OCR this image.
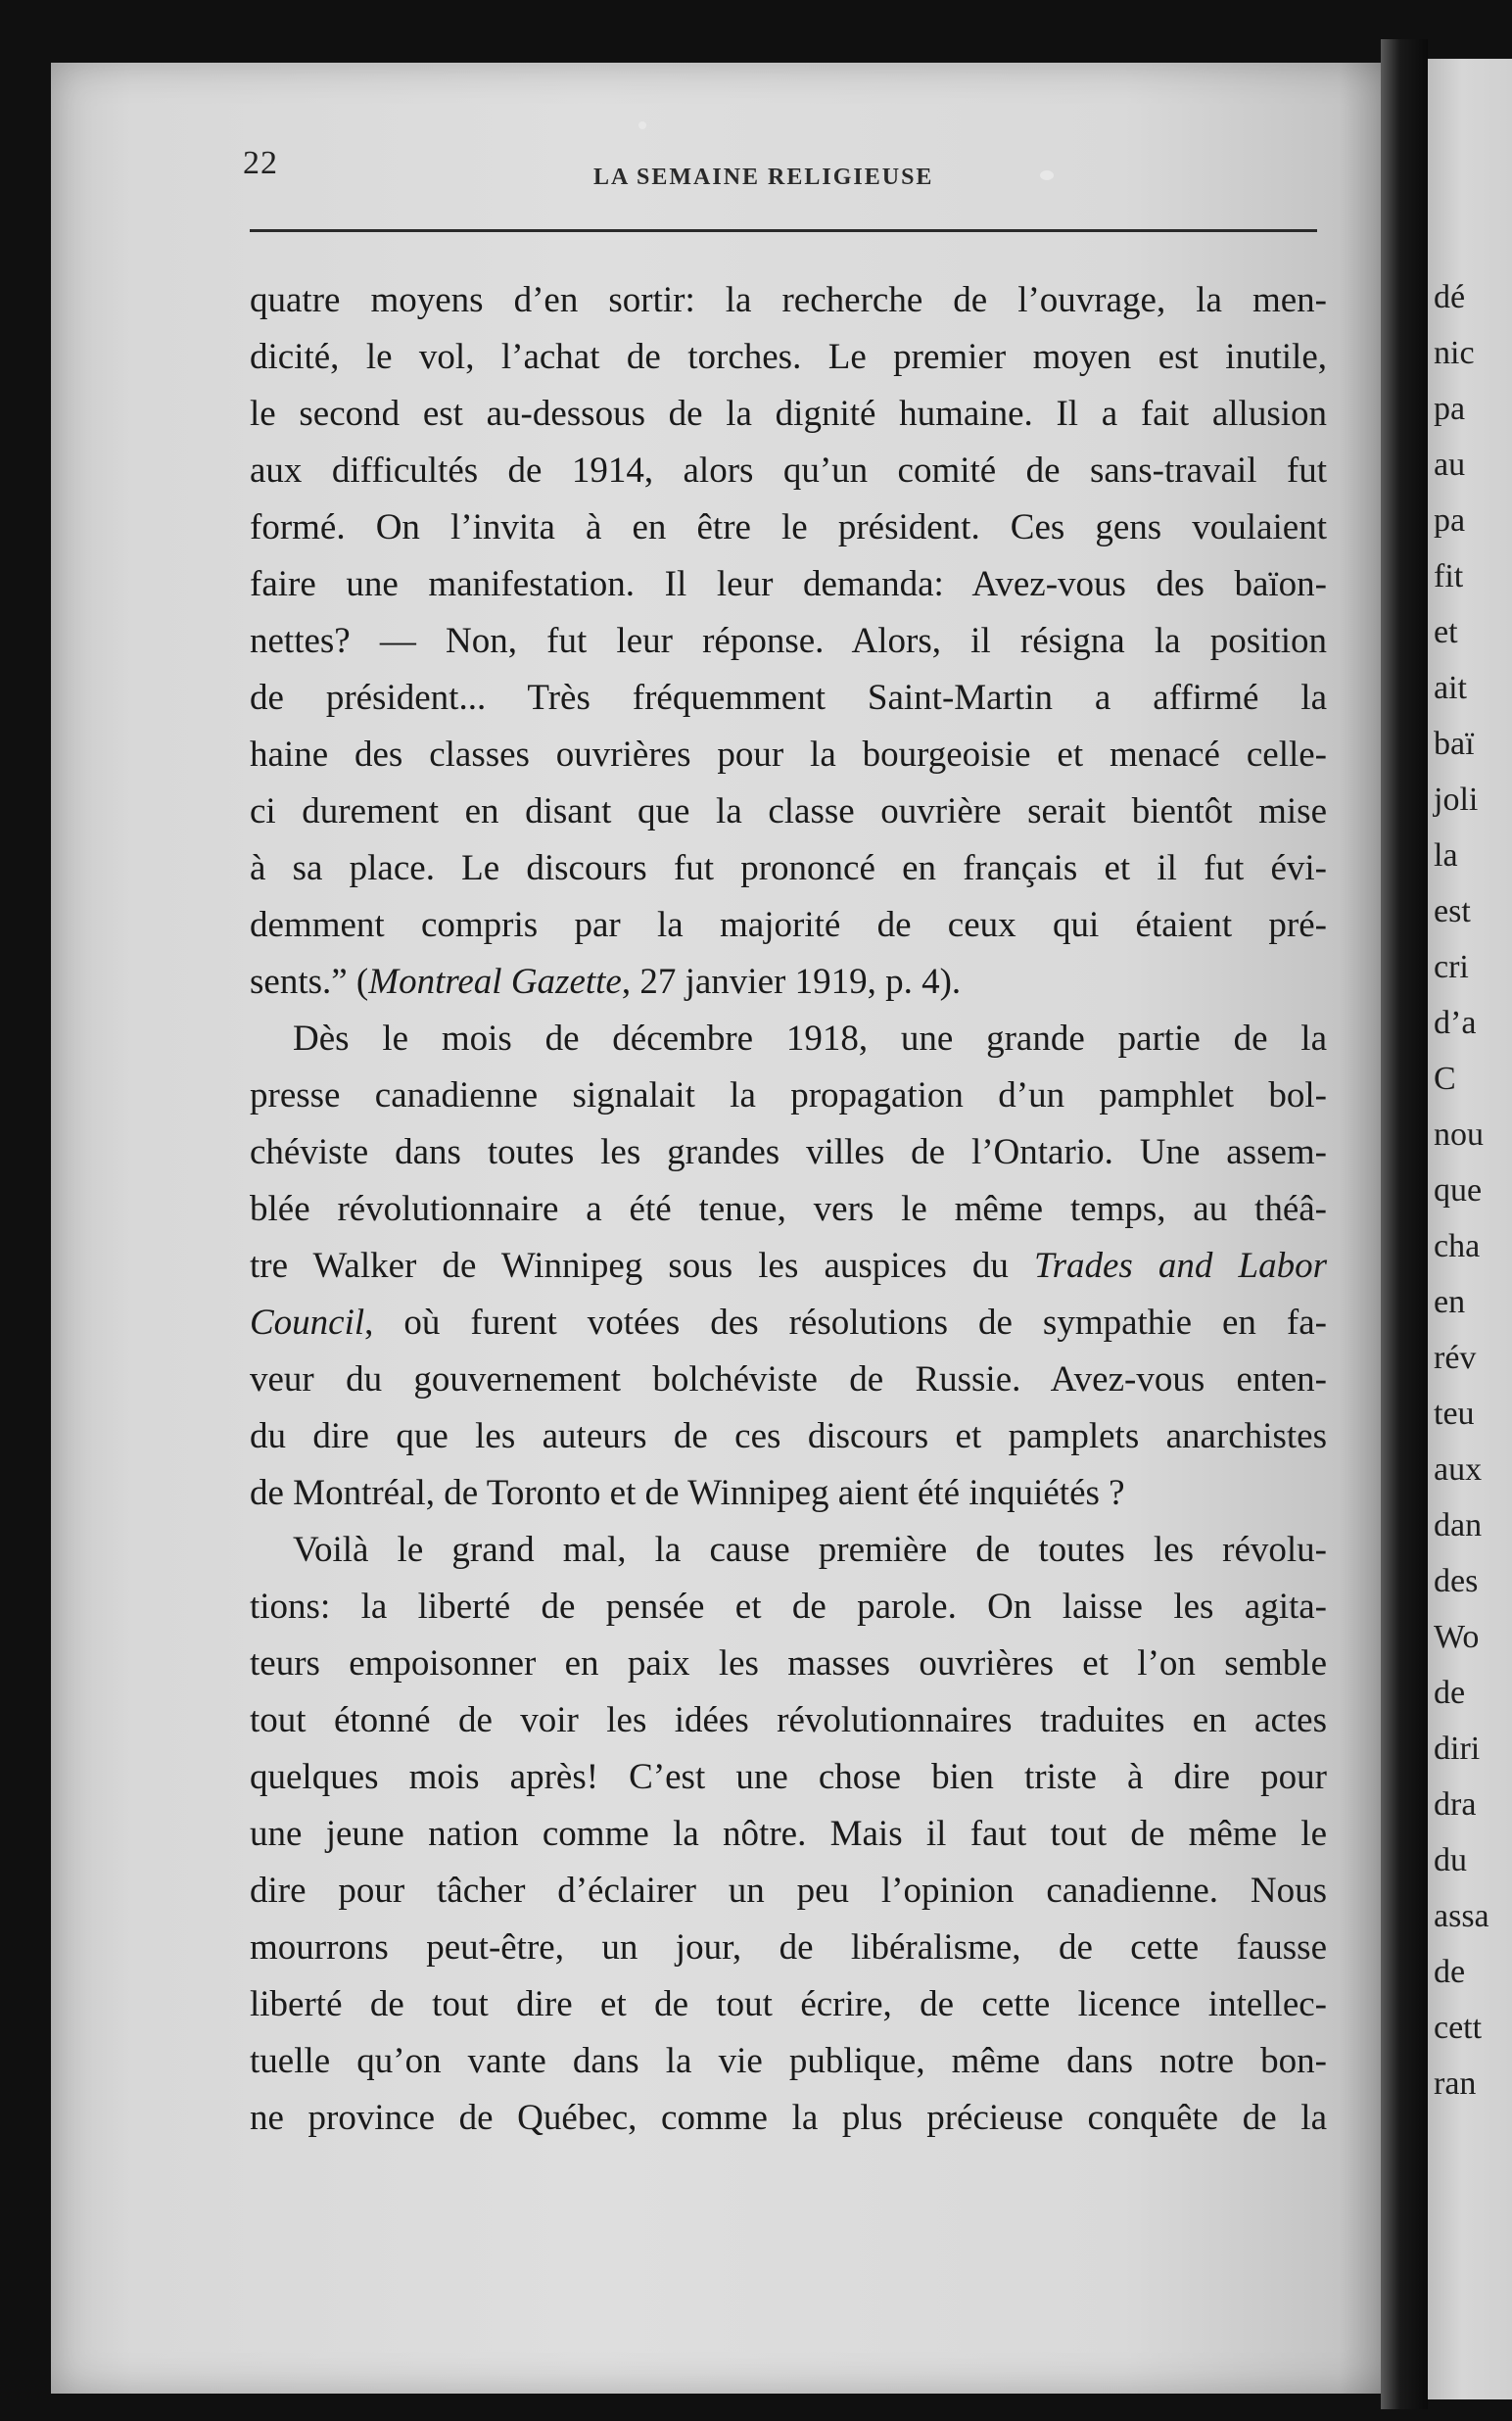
dé
nic
pa
au
pa
fit
et
ait
baï
joli
la
est
cri
d’a
C
nou
que
cha
en
rév
teu
aux
dan
des
Wo
de
diri
dra
du
assa
de
cett
ran
22	LA SEMAINE RELIGIEUSE
quatre moyens d’en sortir: la recherche de l’ouvrage, la men-
dicité, le vol, l’achat de torches. Le premier moyen est inutile,
le second est au-dessous de la dignité humaine. Il a fait allusion
aux difficultés de 1914, alors qu’un comité de sans-travail fut
formé. On l’invita à en être le président. Ces gens voulaient
faire une manifestation. Il leur demanda: Avez-vous des baïon-
nettes? — Non, fut leur réponse. Alors, il résigna la position
de président... Très fréquemment Saint-Martin a affirmé la
haine des classes ouvrières pour la bourgeoisie et menacé celle-
ci durement en disant que la classe ouvrière serait bientôt mise
à sa place. Le discours fut prononcé en français et il fut évi-
demment compris par la majorité de ceux qui étaient pré-
sents.” (Montreal Gazette, 27 janvier 1919, p. 4).
Dès le mois de décembre 1918, une grande partie de la
presse canadienne signalait la propagation d’un pamphlet bol-
chéviste dans toutes les grandes villes de l’Ontario. Une assem-
blée révolutionnaire a été tenue, vers le même temps, au théâ-
tre Walker de Winnipeg sous les auspices du Trades and Labor
Council, où furent votées des résolutions de sympathie en fa-
veur du gouvernement bolchéviste de Russie. Avez-vous enten-
du dire que les auteurs de ces discours et pamplets anarchistes
de Montréal, de Toronto et de Winnipeg aient été inquiétés ?
Voilà le grand mal, la cause première de toutes les révolu-
tions: la liberté de pensée et de parole. On laisse les agita-
teurs empoisonner en paix les masses ouvrières et l’on semble
tout étonné de voir les idées révolutionnaires traduites en actes
quelques mois après! C’est une chose bien triste à dire pour
une jeune nation comme la nôtre. Mais il faut tout de même le
dire pour tâcher d’éclairer un peu l’opinion canadienne. Nous
mourrons peut-être, un jour, de libéralisme, de cette fausse
liberté de tout dire et de tout écrire, de cette licence intellec-
tuelle qu’on vante dans la vie publique, même dans notre bon-
ne province de Québec, comme la plus précieuse conquête de la
